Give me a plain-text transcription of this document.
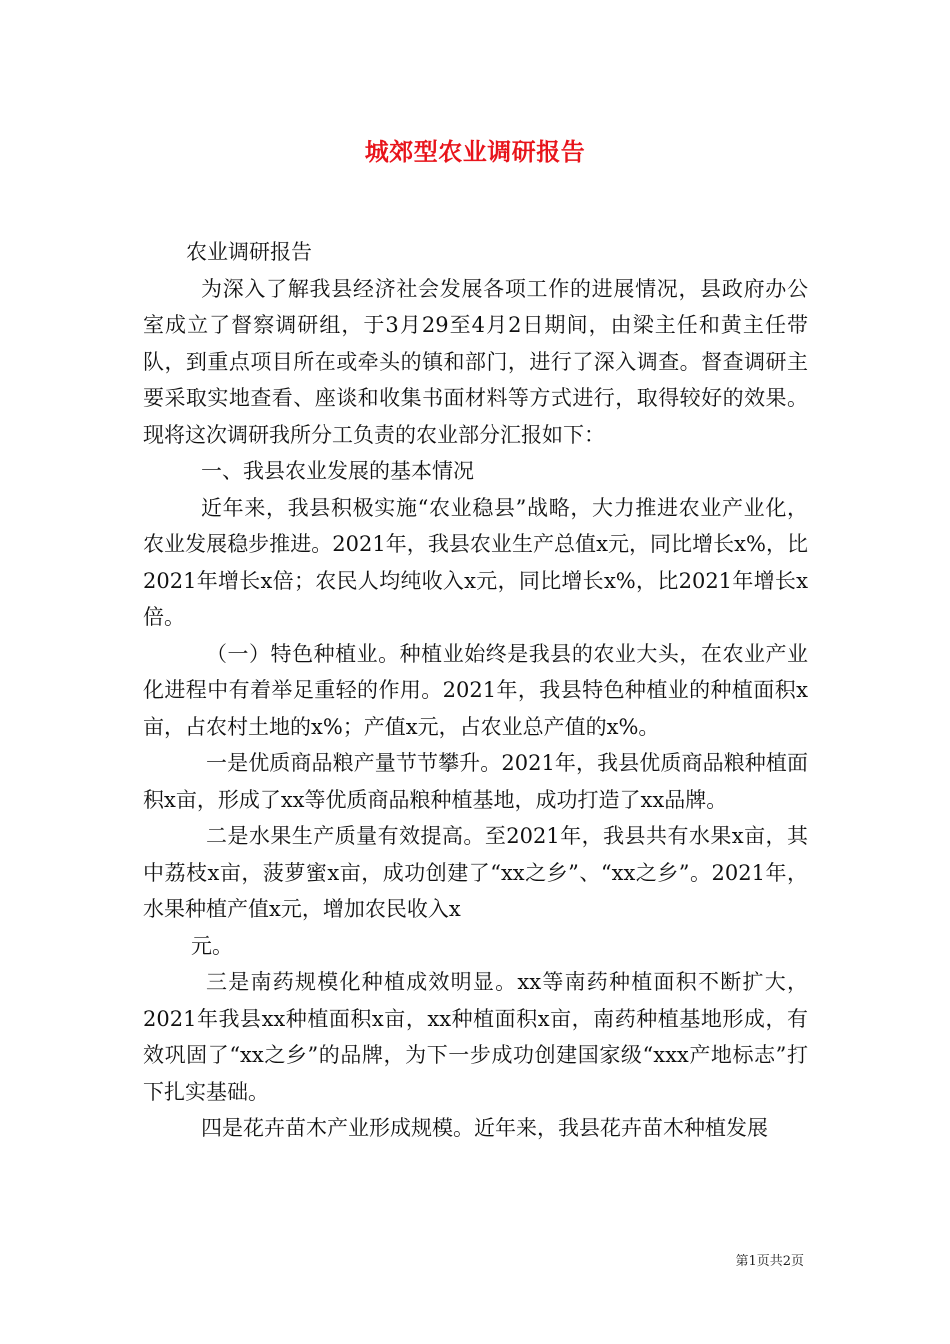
城郊型农业调研报告

农业调研报告

为深入了解我县经济社会发展各项工作的进展情况，县政府办公室成立了督察调研组，于3月29至4月2日期间，由梁主任和黄主任带队，到重点项目所在或牵头的镇和部门，进行了深入调查。督查调研主要采取实地查看、座谈和收集书面材料等方式进行，取得较好的效果。现将这次调研我所分工负责的农业部分汇报如下：

一、我县农业发展的基本情况

近年来，我县积极实施“农业稳县”战略，大力推进农业产业化，农业发展稳步推进。2021年，我县农业生产总值x元，同比增长x%，比2021年增长x倍；农民人均纯收入x元，同比增长x%，比2021年增长x倍。

（一）特色种植业。种植业始终是我县的农业大头，在农业产业化进程中有着举足重轻的作用。2021年，我县特色种植业的种植面积x亩，占农村土地的x%；产值x元，占农业总产值的x%。

一是优质商品粮产量节节攀升。2021年，我县优质商品粮种植面积x亩，形成了xx等优质商品粮种植基地，成功打造了xx品牌。

二是水果生产质量有效提高。至2021年，我县共有水果x亩，其中荔枝x亩，菠萝蜜x亩，成功创建了“xx之乡”、“xx之乡”。2021年，水果种植产值x元，增加农民收入x

元。

三是南药规模化种植成效明显。xx等南药种植面积不断扩大，2021年我县xx种植面积x亩，xx种植面积x亩，南药种植基地形成，有效巩固了“xx之乡”的品牌，为下一步成功创建国家级“xxx产地标志”打下扎实基础。

四是花卉苗木产业形成规模。近年来，我县花卉苗木种植发展

第1页共2页
